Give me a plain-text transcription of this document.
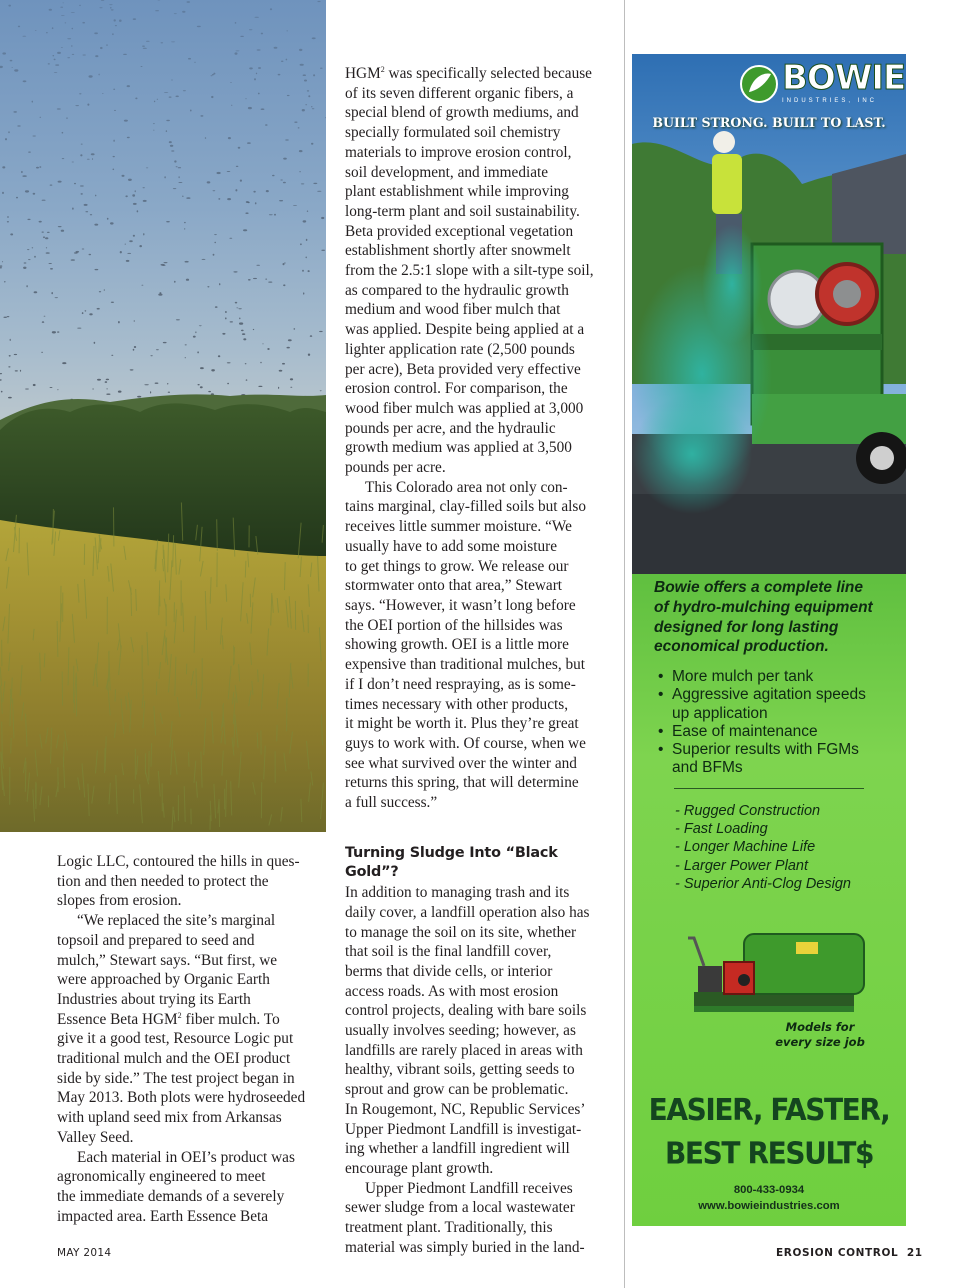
Logic LLC, contoured the hills in ques-
tion and then needed to protect the
slopes from erosion.

“We replaced the site’s marginal
topsoil and prepared to seed and
mulch,” Stewart says. “But first, we
were approached by Organic Earth
Industries about trying its Earth
Essence Beta HGM$^2$ fiber mulch. To
give it a good test, Resource Logic put
traditional mulch and the OEI product
side by side.” The test project began in
May 2013. Both plots were hydroseeded
with upland seed mix from Arkansas
Valley Seed.

Each material in OEI’s product was
agronomically engineered to meet
the immediate demands of a severely
impacted area. Earth Essence Beta

HGM$^2$ was specifically selected because
of its seven different organic fibers, a
special blend of growth mediums, and
specially formulated soil chemistry
materials to improve erosion control,
soil development, and immediate
plant establishment while improving
long-term plant and soil sustainability.
Beta provided exceptional vegetation
establishment shortly after snowmelt
from the 2.5:1 slope with a silt-type soil,
as compared to the hydraulic growth
medium and wood fiber mulch that
was applied. Despite being applied at a
lighter application rate (2,500 pounds
per acre), Beta provided very effective
erosion control. For comparison, the
wood fiber mulch was applied at 3,000
pounds per acre, and the hydraulic
growth medium was applied at 3,500
pounds per acre.

This Colorado area not only con-
tains marginal, clay-filled soils but also
receives little summer moisture. “We
usually have to add some moisture
to get things to grow. We release our
stormwater onto that area,” Stewart
says. “However, it wasn’t long before
the OEI portion of the hillsides was
showing growth. OEI is a little more
expensive than traditional mulches, but
if I don’t need respraying, as is some-
times necessary with other products,
it might be worth it. Plus they’re great
guys to work with. Of course, when we
see what survived over the winter and
returns this spring, that will determine
a full success.”

Turning Sludge Into “Black Gold”?

In addition to managing trash and its
daily cover, a landfill operation also has
to manage the soil on its site, whether
that soil is the final landfill cover,
berms that divide cells, or interior
access roads. As with most erosion
control projects, dealing with bare soils
usually involves seeding; however, as
landfills are rarely placed in areas with
healthy, vibrant soils, getting seeds to
sprout and grow can be problematic.
In Rougemont, NC, Republic Services’
Upper Piedmont Landfill is investigat-
ing whether a landfill ingredient will
encourage plant growth.

Upper Piedmont Landfill receives
sewer sludge from a local wastewater
treatment plant. Traditionally, this
material was simply buried in the land-

BOWIE
INDUSTRIES, INC
BUILT STRONG. BUILT TO LAST.
Bowie offers a complete line
of hydro-mulching equipment
designed for long lasting
economical production.
• More mulch per tank
• Aggressive agitation speeds
up application
• Ease of maintenance
• Superior results with FGMs
and BFMs
- Rugged Construction
- Fast Loading
- Longer Machine Life
- Larger Power Plant
- Superior Anti-Clog Design
Models for
every size job
EASIER, FASTER,
BEST RESULT$
800-433-0934
www.bowieindustries.com
MAY 2014	EROSION CONTROL  21
